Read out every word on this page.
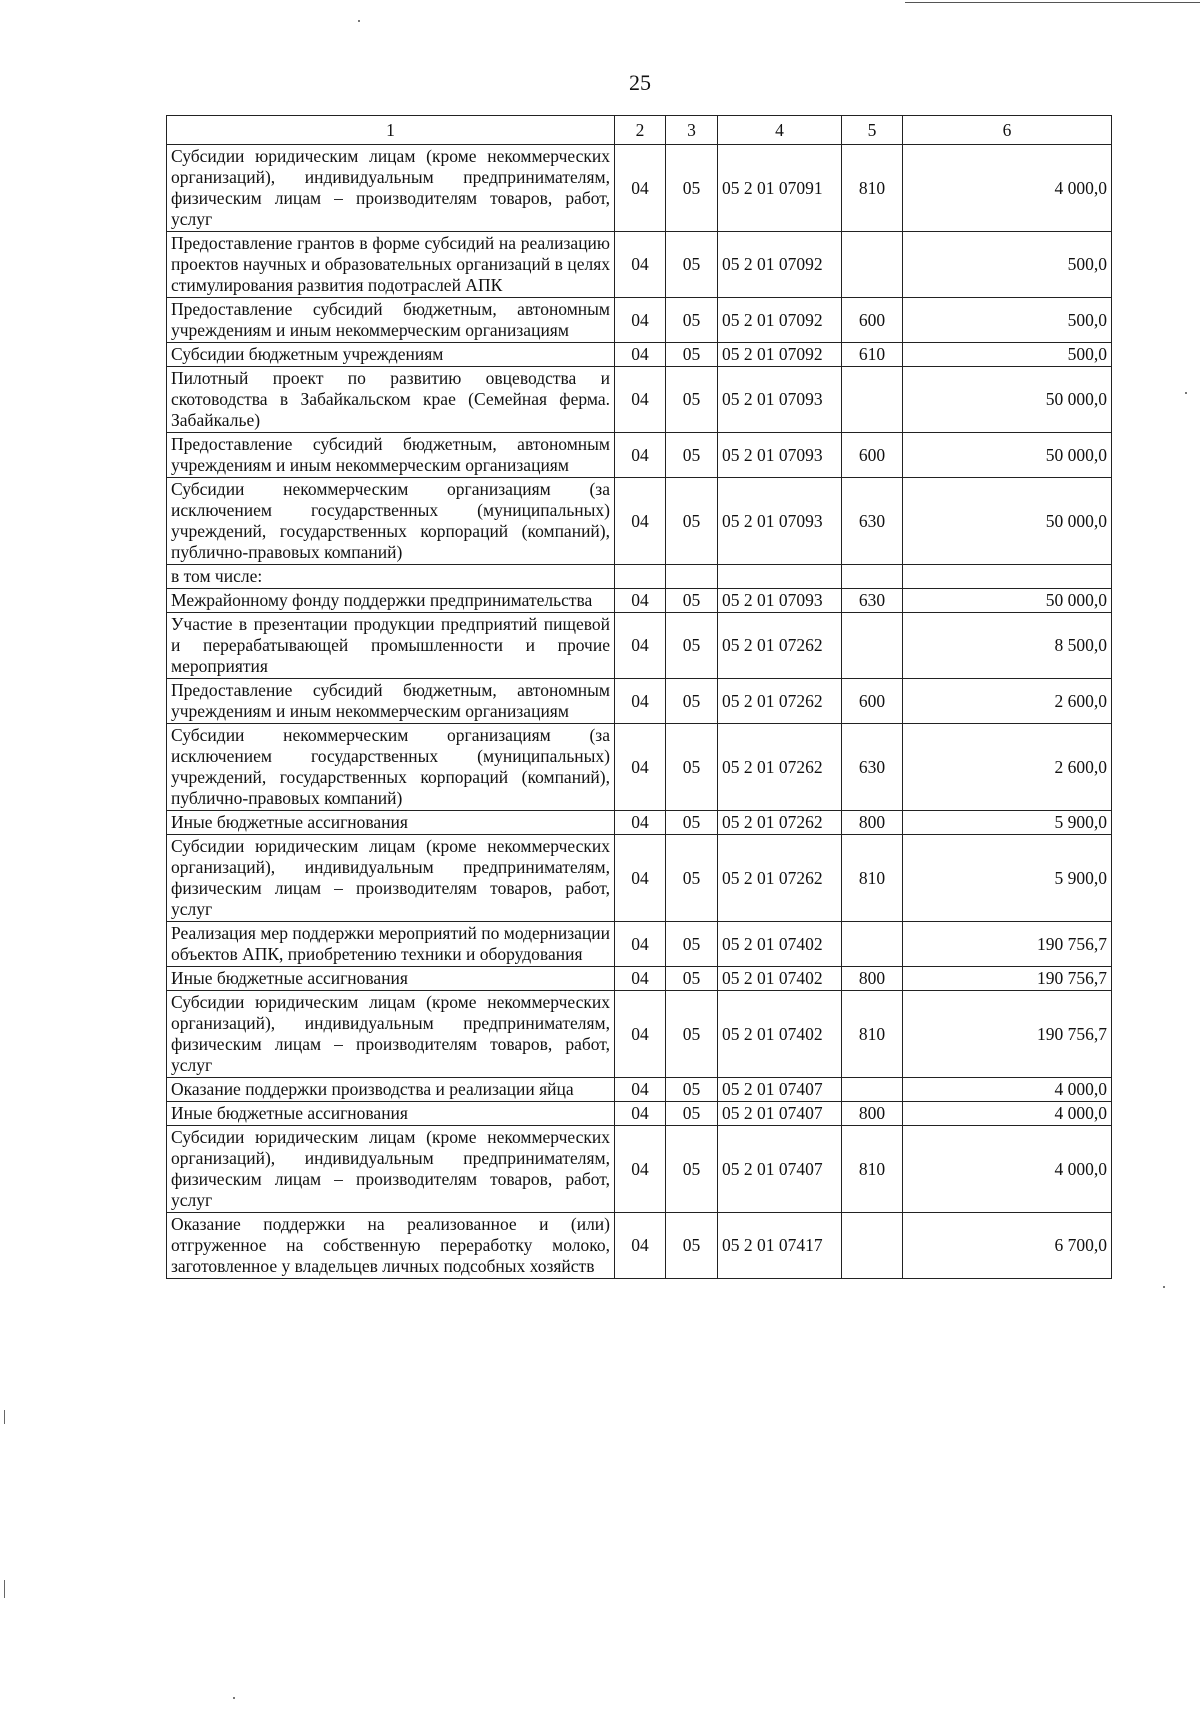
25
1	2	3	4	5	6
Субсидии юридическим лицам (кроме некоммерческих организаций), индивидуальным предпринимателям, физическим лицам – производителям товаров, работ, услуг	04	05	05 2 01 07091	810	4 000,0
Предоставление грантов в форме субсидий на реализацию проектов научных и образовательных организаций в целях стимулирования развития подотраслей АПК	04	05	05 2 01 07092		500,0
Предоставление субсидий бюджетным, автономным учреждениям и иным некоммерческим организациям	04	05	05 2 01 07092	600	500,0
Субсидии бюджетным учреждениям	04	05	05 2 01 07092	610	500,0
Пилотный проект по развитию овцеводства и скотоводства в Забайкальском крае (Семейная ферма. Забайкалье)	04	05	05 2 01 07093		50 000,0
Предоставление субсидий бюджетным, автономным учреждениям и иным некоммерческим организациям	04	05	05 2 01 07093	600	50 000,0
Субсидии некоммерческим организациям (за исключением государственных (муниципальных) учреждений, государственных корпораций (компаний), публично-правовых компаний)	04	05	05 2 01 07093	630	50 000,0
в том числе:					
Межрайонному фонду поддержки предпринимательства	04	05	05 2 01 07093	630	50 000,0
Участие в презентации продукции предприятий пищевой и перерабатывающей промышленности и прочие мероприятия	04	05	05 2 01 07262		8 500,0
Предоставление субсидий бюджетным, автономным учреждениям и иным некоммерческим организациям	04	05	05 2 01 07262	600	2 600,0
Субсидии некоммерческим организациям (за исключением государственных (муниципальных) учреждений, государственных корпораций (компаний), публично-правовых компаний)	04	05	05 2 01 07262	630	2 600,0
Иные бюджетные ассигнования	04	05	05 2 01 07262	800	5 900,0
Субсидии юридическим лицам (кроме некоммерческих организаций), индивидуальным предпринимателям, физическим лицам – производителям товаров, работ, услуг	04	05	05 2 01 07262	810	5 900,0
Реализация мер поддержки мероприятий по модернизации объектов АПК, приобретению техники и оборудования	04	05	05 2 01 07402		190 756,7
Иные бюджетные ассигнования	04	05	05 2 01 07402	800	190 756,7
Субсидии юридическим лицам (кроме некоммерческих организаций), индивидуальным предпринимателям, физическим лицам – производителям товаров, работ, услуг	04	05	05 2 01 07402	810	190 756,7
Оказание поддержки производства и реализации яйца	04	05	05 2 01 07407		4 000,0
Иные бюджетные ассигнования	04	05	05 2 01 07407	800	4 000,0
Субсидии юридическим лицам (кроме некоммерческих организаций), индивидуальным предпринимателям, физическим лицам – производителям товаров, работ, услуг	04	05	05 2 01 07407	810	4 000,0
Оказание поддержки на реализованное и (или) отгруженное на собственную переработку молоко, заготовленное у владельцев личных подсобных хозяйств	04	05	05 2 01 07417		6 700,0
